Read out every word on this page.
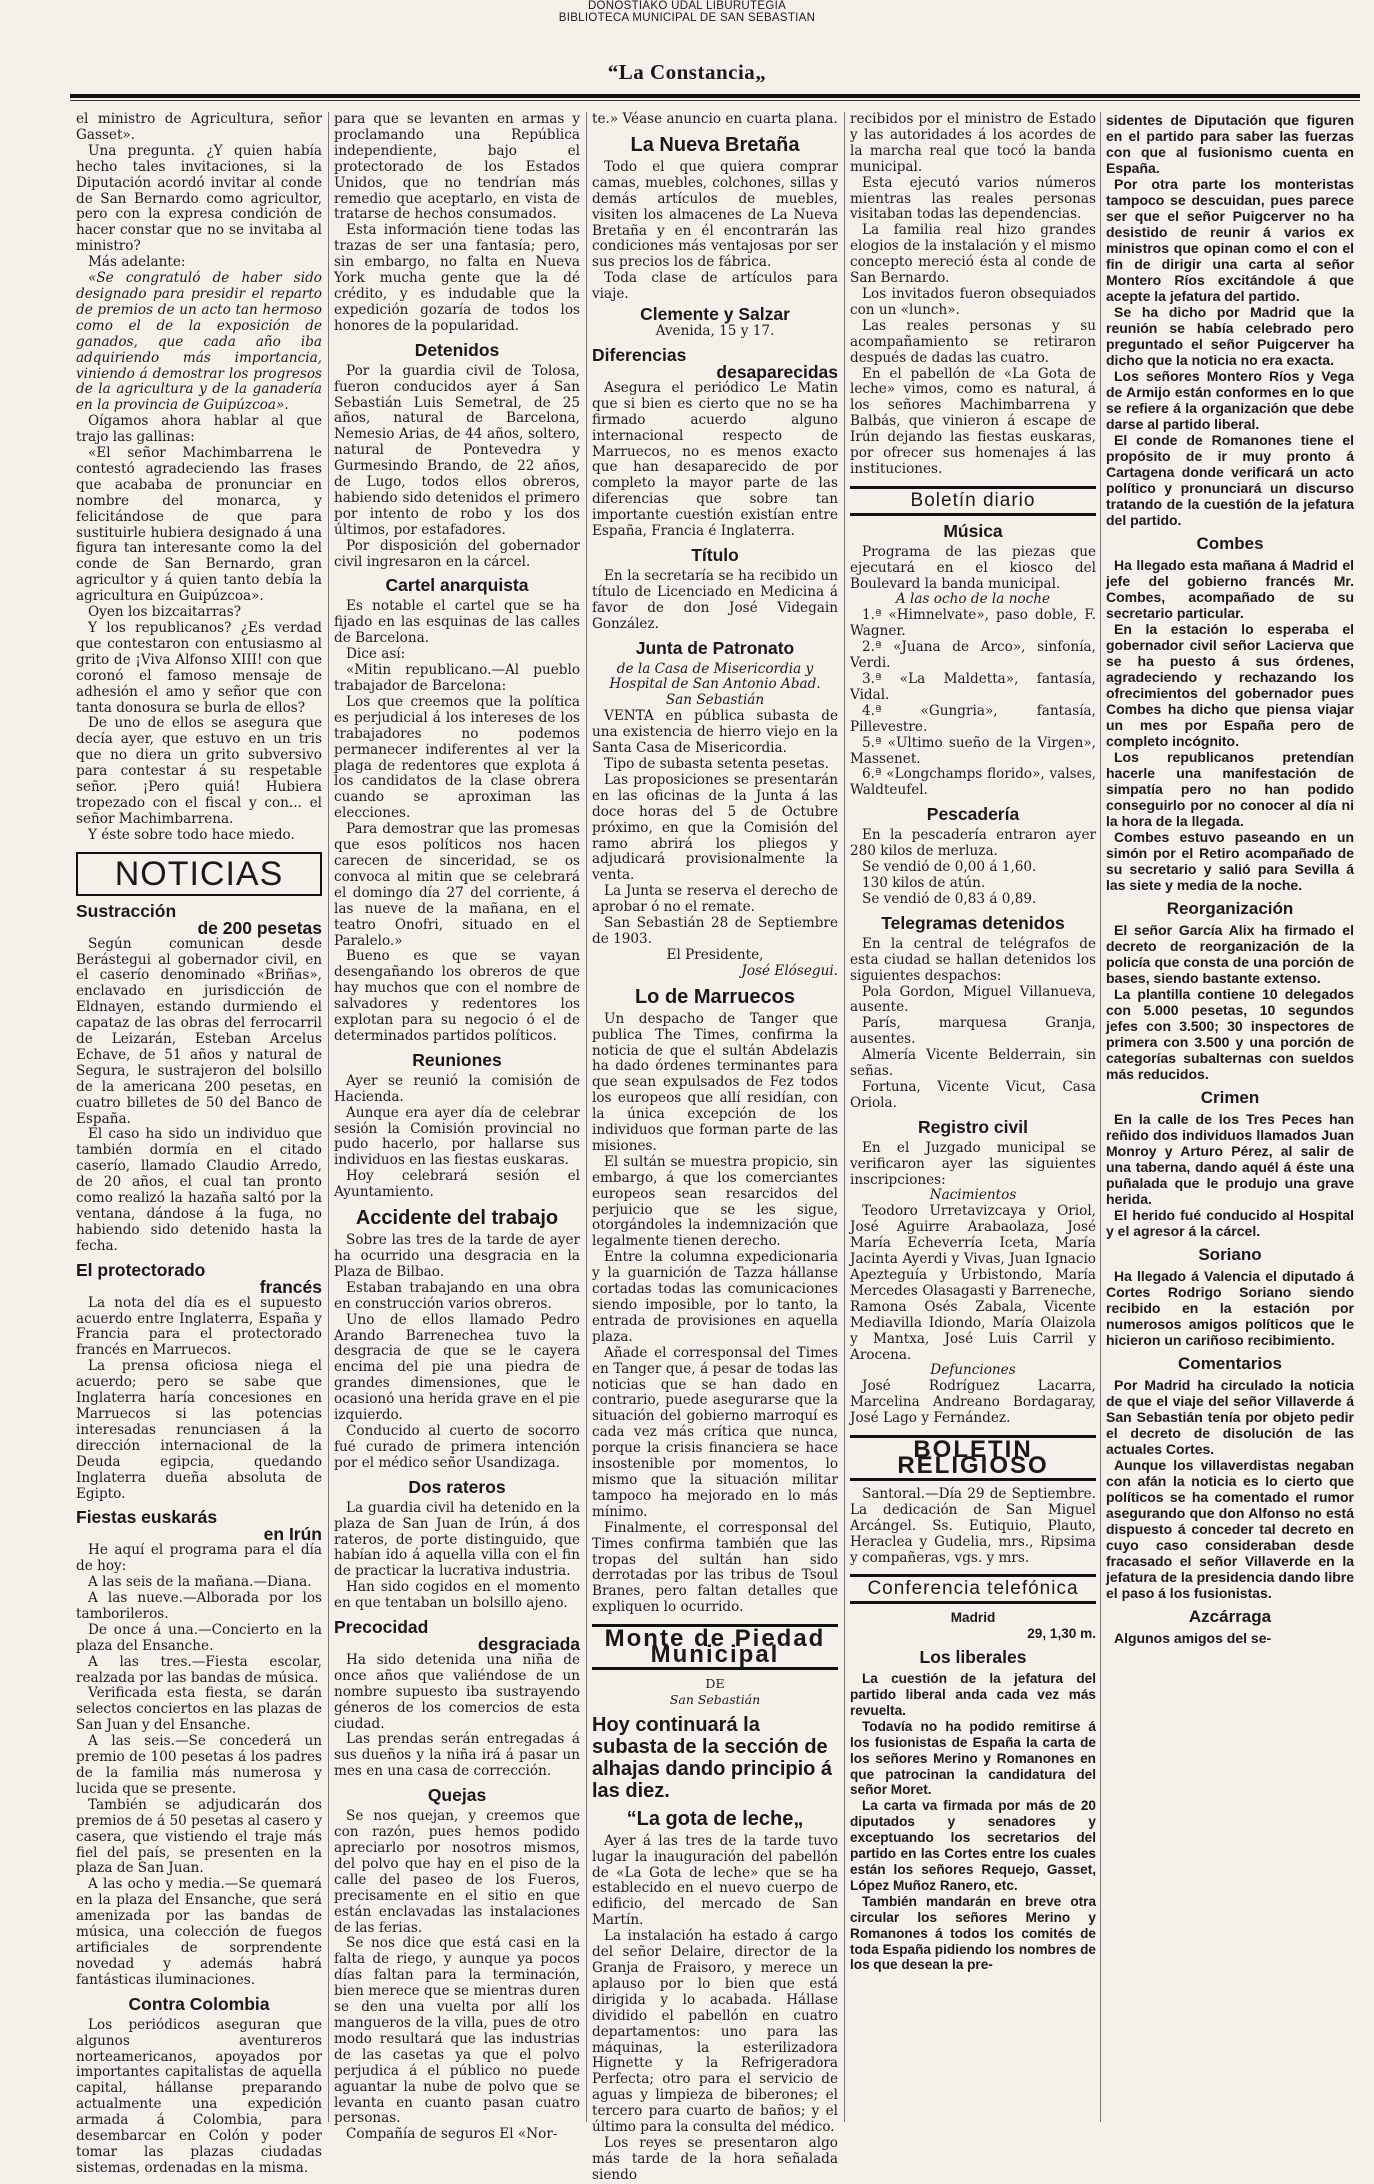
DONOSTIAKO UDAL LIBURUTEGIA
BIBLIOTECA MUNICIPAL DE SAN SEBASTIAN
“La Constancia„

el ministro de Agricultura, señor Gasset».

Una pregunta. ¿Y quien había hecho tales invitaciones, si la Diputación acordó invitar al conde de San Bernardo como agricultor, pero con la expresa condición de hacer constar que no se invitaba al ministro?

Más adelante:

«Se congratuló de haber sido designado para presidir el reparto de premios de un acto tan hermoso como el de la exposición de ganados, que cada año iba adquiriendo más importancia, viniendo á demostrar los progresos de la agricultura y de la ganadería en la provincia de Guipúzcoa».

Oígamos ahora hablar al que trajo las gallinas:

«El señor Machimbarrena le contestó agradeciendo las frases que acababa de pronunciar en nombre del monarca, y felicitándose de que para sustituirle hubiera designado á una figura tan interesante como la del conde de San Bernardo, gran agricultor y á quien tanto debía la agricultura en Guipúzcoa».

Oyen los bizcaitarras?

Y los republicanos? ¿Es verdad que contestaron con entusiasmo al grito de ¡Viva Alfonso XIII! con que coronó el famoso mensaje de adhesión el amo y señor que con tanta donosura se burla de ellos?

De uno de ellos se asegura que decía ayer, que estuvo en un tris que no diera un grito subversivo para contestar á su respetable señor. ¡Pero quiá! Hubiera tropezado con el fiscal y con... el señor Machimbarrena.

Y éste sobre todo hace miedo.

NOTICIAS
Sustracción
de 200 pesetas

Según comunican desde Berástegui al gobernador civil, en el caserío denominado «Briñas», enclavado en jurisdicción de Eldnayen, estando durmiendo el capataz de las obras del ferrocarril de Leizarán, Esteban Arcelus Echave, de 51 años y natural de Segura, le sustrajeron del bolsillo de la americana 200 pesetas, en cuatro billetes de 50 del Banco de España.

El caso ha sido un individuo que también dormía en el citado caserío, llamado Claudio Arredo, de 20 años, el cual tan pronto como realizó la hazaña saltó por la ventana, dándose á la fuga, no habiendo sido detenido hasta la fecha.

El protectorado
francés

La nota del día es el supuesto acuerdo entre Inglaterra, España y Francia para el protectorado francés en Marruecos.

La prensa oficiosa niega el acuerdo; pero se sabe que Inglaterra haría concesiones en Marruecos si las potencias interesadas renunciasen á la dirección internacional de la Deuda egipcia, quedando Inglaterra dueña absoluta de Egipto.

Fiestas euskarás
en Irún

He aquí el programa para el día de hoy:

A las seis de la mañana.—Diana.

A las nueve.—Alborada por los tamborileros.

De once á una.—Concierto en la plaza del Ensanche.

A las tres.—Fiesta escolar, realzada por las bandas de música.

Verificada esta fiesta, se darán selectos conciertos en las plazas de San Juan y del Ensanche.

A las seis.—Se concederá un premio de 100 pesetas á los padres de la familia más numerosa y lucida que se presente.

También se adjudicarán dos premios de á 50 pesetas al casero y casera, que vistiendo el traje más fiel del país, se presenten en la plaza de San Juan.

A las ocho y media.—Se quemará en la plaza del Ensanche, que será amenizada por las bandas de música, una colección de fuegos artificiales de sorprendente novedad y además habrá fantásticas iluminaciones.

Contra Colombia

Los periódicos aseguran que algunos aventureros norteamericanos, apoyados por importantes capitalistas de aquella capital, hállanse preparando actualmente una expedición armada á Colombia, para desembarcar en Colón y poder tomar las plazas ciudadas sistemas, ordenadas en la misma.

para que se levanten en armas y proclamando una República independiente, bajo el protectorado de los Estados Unidos, que no tendrían más remedio que aceptarlo, en vista de tratarse de hechos consumados.

Esta información tiene todas las trazas de ser una fantasía; pero, sin embargo, no falta en Nueva York mucha gente que la dé crédito, y es indudable que la expedición gozaría de todos los honores de la popularidad.

Detenidos

Por la guardia civil de Tolosa, fueron conducidos ayer á San Sebastián Luis Semetral, de 25 años, natural de Barcelona, Nemesio Arias, de 44 años, soltero, natural de Pontevedra y Gurmesindo Brando, de 22 años, de Lugo, todos ellos obreros, habiendo sido detenidos el primero por intento de robo y los dos últimos, por estafadores.

Por disposición del gobernador civil ingresaron en la cárcel.

Cartel anarquista

Es notable el cartel que se ha fijado en las esquinas de las calles de Barcelona.

Dice así:

«Mitin republicano.—Al pueblo trabajador de Barcelona:

Los que creemos que la política es perjudicial á los intereses de los trabajadores no podemos permanecer indiferentes al ver la plaga de redentores que explota á los candidatos de la clase obrera cuando se aproximan las elecciones.

Para demostrar que las promesas que esos políticos nos hacen carecen de sinceridad, se os convoca al mitin que se celebrará el domingo día 27 del corriente, á las nueve de la mañana, en el teatro Onofri, situado en el Paralelo.»

Bueno es que se vayan desengañando los obreros de que hay muchos que con el nombre de salvadores y redentores los explotan para su negocio ó el de determinados partidos políticos.

Reuniones

Ayer se reunió la comisión de Hacienda.

Aunque era ayer día de celebrar sesión la Comisión provincial no pudo hacerlo, por hallarse sus individuos en las fiestas euskaras.

Hoy celebrará sesión el Ayuntamiento.

Accidente del trabajo

Sobre las tres de la tarde de ayer ha ocurrido una desgracia en la Plaza de Bilbao.

Estaban trabajando en una obra en construcción varios obreros.

Uno de ellos llamado Pedro Arando Barrenechea tuvo la desgracia de que se le cayera encima del pie una piedra de grandes dimensiones, que le ocasionó una herida grave en el pie izquierdo.

Conducido al cuerto de socorro fué curado de primera intención por el médico señor Usandizaga.

Dos rateros

La guardia civil ha detenido en la plaza de San Juan de Irún, á dos rateros, de porte distinguido, que habían ido á aquella villa con el fin de practicar la lucrativa industria.

Han sido cogidos en el momento en que tentaban un bolsillo ajeno.

Precocidad
desgraciada

Ha sido detenida una niña de once años que valiéndose de un nombre supuesto iba sustrayendo géneros de los comercios de esta ciudad.

Las prendas serán entregadas á sus dueños y la niña irá á pasar un mes en una casa de corrección.

Quejas

Se nos quejan, y creemos que con razón, pues hemos podido apreciarlo por nosotros mismos, del polvo que hay en el piso de la calle del paseo de los Fueros, precisamente en el sitio en que están enclavadas las instalaciones de las ferias.

Se nos dice que está casi en la falta de riego, y aunque ya pocos días faltan para la terminación, bien merece que se mientras duren se den una vuelta por allí los mangueros de la villa, pues de otro modo resultará que las industrias de las casetas ya que el polvo perjudica á el público no puede aguantar la nube de polvo que se levanta en cuanto pasan cuatro personas.

Compañía de seguros El «Nor-

te.» Véase anuncio en cuarta plana.

La Nueva Bretaña

Todo el que quiera comprar camas, muebles, colchones, sillas y demás artículos de muebles, visiten los almacenes de La Nueva Bretaña y en él encontrarán las condiciones más ventajosas por ser sus precios los de fábrica.

Toda clase de artículos para viaje.

Clemente y Salzar

Avenida, 15 y 17.

Diferencias
desaparecidas

Asegura el periódico Le Matin que si bien es cierto que no se ha firmado acuerdo alguno internacional respecto de Marruecos, no es menos exacto que han desaparecido de por completo la mayor parte de las diferencias que sobre tan importante cuestión existían entre España, Francia é Inglaterra.

Título

En la secretaría se ha recibido un título de Licenciado en Medicina á favor de don José Videgain González.

Junta de Patronato

de la Casa de Misericordia y Hospital de San Antonio Abad.

San Sebastián

VENTA en pública subasta de una existencia de hierro viejo en la Santa Casa de Misericordia.

Tipo de subasta setenta pesetas.

Las proposiciones se presentarán en las oficinas de la Junta á las doce horas del 5 de Octubre próximo, en que la Comisión del ramo abrirá los pliegos y adjudicará provisionalmente la venta.

La Junta se reserva el derecho de aprobar ó no el remate.

San Sebastián 28 de Septiembre de 1903.

El Presidente,

José Elósegui.

Lo de Marruecos

Un despacho de Tanger que publica The Times, confirma la noticia de que el sultán Abdelazis ha dado órdenes terminantes para que sean expulsados de Fez todos los europeos que allí residían, con la única excepción de los individuos que forman parte de las misiones.

El sultán se muestra propicio, sin embargo, á que los comerciantes europeos sean resarcidos del perjuicio que se les sigue, otorgándoles la indemnización que legalmente tienen derecho.

Entre la columna expedicionaria y la guarnición de Tazza hállanse cortadas todas las comunicaciones siendo imposible, por lo tanto, la entrada de provisiones en aquella plaza.

Añade el corresponsal del Times en Tanger que, á pesar de todas las noticias que se han dado en contrario, puede asegurarse que la situación del gobierno marroquí es cada vez más crítica que nunca, porque la crisis financiera se hace insostenible por momentos, lo mismo que la situación militar tampoco ha mejorado en lo más mínimo.

Finalmente, el corresponsal del Times confirma también que las tropas del sultán han sido derrotadas por las tribus de Tsoul Branes, pero faltan detalles que expliquen lo ocurrido.

Monte de Piedad Municipal

DE

San Sebastián

Hoy continuará la subasta de la sección de alhajas dando principio á las diez.
“La gota de leche„

Ayer á las tres de la tarde tuvo lugar la inauguración del pabellón de «La Gota de leche» que se ha establecido en el nuevo cuerpo de edificio, del mercado de San Martín.

La instalación ha estado á cargo del señor Delaire, director de la Granja de Fraisoro, y merece un aplauso por lo bien que está dirigida y lo acabada. Hállase dividido el pabellón en cuatro departamentos: uno para las máquinas, la esterilizadora Hignette y la Refrigeradora Perfecta; otro para el servicio de aguas y limpieza de biberones; el tercero para cuarto de baños; y el último para la consulta del médico.

Los reyes se presentaron algo más tarde de la hora señalada siendo

recibidos por el ministro de Estado y las autoridades á los acordes de la marcha real que tocó la banda municipal.

Esta ejecutó varios números mientras las reales personas visitaban todas las dependencias.

La familia real hizo grandes elogios de la instalación y el mismo concepto mereció ésta al conde de San Bernardo.

Los invitados fueron obsequiados con un «lunch».

Las reales personas y su acompañamiento se retiraron después de dadas las cuatro.

En el pabellón de «La Gota de leche» vimos, como es natural, á los señores Machimbarrena y Balbás, que vinieron á escape de Irún dejando las fiestas euskaras, por ofrecer sus homenajes á las instituciones.

Boletín diario
Música

Programa de las piezas que ejecutará en el kiosco del Boulevard la banda municipal.

A las ocho de la noche

1.ª «Himnelvate», paso doble, F. Wagner.

2.ª «Juana de Arco», sinfonía, Verdi.

3.ª «La Maldetta», fantasía, Vidal.

4.ª «Gungria», fantasía, Pillevestre.

5.ª «Ultimo sueño de la Virgen», Massenet.

6.ª «Longchamps florido», valses, Waldteufel.

Pescadería

En la pescadería entraron ayer 280 kilos de merluza.

Se vendió de 0,00 á 1,60.

130 kilos de atún.

Se vendió de 0,83 á 0,89.

Telegramas detenidos

En la central de telégrafos de esta ciudad se hallan detenidos los siguientes despachos:

Pola Gordon, Miguel Villanueva, ausente.

París, marquesa Granja, ausentes.

Almería Vicente Belderrain, sin señas.

Fortuna, Vicente Vicut, Casa Oriola.

Registro civil

En el Juzgado municipal se verificaron ayer las siguientes inscripciones:

Nacimientos

Teodoro Urretavizcaya y Oriol, José Aguirre Arabaolaza, José María Echeverría Iceta, María Jacinta Ayerdi y Vivas, Juan Ignacio Apezteguía y Urbistondo, María Mercedes Olasagasti y Barreneche, Ramona Osés Zabala, Vicente Mediavilla Idiondo, María Olaizola y Mantxa, José Luis Carril y Arocena.

Defunciones

José Rodríguez Lacarra, Marcelina Andreano Bordagaray, José Lago y Fernández.

BOLETIN RELIGIOSO

Santoral.—Día 29 de Septiembre. La dedicación de San Miguel Arcángel. Ss. Eutiquio, Plauto, Heraclea y Gudelia, mrs., Ripsima y compañeras, vgs. y mrs.

Conferencia telefónica

Madrid

29, 1,30 m.

Los liberales

La cuestión de la jefatura del partido liberal anda cada vez más revuelta.

Todavía no ha podido remitirse á los fusionistas de España la carta de los señores Merino y Romanones en que patrocinan la candidatura del señor Moret.

La carta va firmada por más de 20 diputados y senadores y exceptuando los secretarios del partido en las Cortes entre los cuales están los señores Requejo, Gasset, López Muñoz Ranero, etc.

También mandarán en breve otra circular los señores Merino y Romanones á todos los comités de toda España pidiendo los nombres de los que desean la pre-

sidentes de Diputación que figuren en el partido para saber las fuerzas con que al fusionismo cuenta en España.

Por otra parte los monteristas tampoco se descuidan, pues parece ser que el señor Puigcerver no ha desistido de reunir á varios ex ministros que opinan como el con el fin de dirigir una carta al señor Montero Ríos excitándole á que acepte la jefatura del partido.

Se ha dicho por Madrid que la reunión se había celebrado pero preguntado el señor Puigcerver ha dicho que la noticia no era exacta.

Los señores Montero Ríos y Vega de Armijo están conformes en lo que se refiere á la organización que debe darse al partido liberal.

El conde de Romanones tiene el propósito de ir muy pronto á Cartagena donde verificará un acto político y pronunciará un discurso tratando de la cuestión de la jefatura del partido.

Combes

Ha llegado esta mañana á Madrid el jefe del gobierno francés Mr. Combes, acompañado de su secretario particular.

En la estación lo esperaba el gobernador civil señor Lacierva que se ha puesto á sus órdenes, agradeciendo y rechazando los ofrecimientos del gobernador pues Combes ha dicho que piensa viajar un mes por España pero de completo incógnito.

Los republicanos pretendían hacerle una manifestación de simpatía pero no han podido conseguirlo por no conocer al día ni la hora de la llegada.

Combes estuvo paseando en un simón por el Retiro acompañado de su secretario y salió para Sevilla á las siete y media de la noche.

Reorganización

El señor García Alix ha firmado el decreto de reorganización de la policía que consta de una porción de bases, siendo bastante extenso.

La plantilla contiene 10 delegados con 5.000 pesetas, 10 segundos jefes con 3.500; 30 inspectores de primera con 3.500 y una porción de categorías subalternas con sueldos más reducidos.

Crimen

En la calle de los Tres Peces han reñido dos individuos llamados Juan Monroy y Arturo Pérez, al salir de una taberna, dando aquél á éste una puñalada que le produjo una grave herida.

El herido fué conducido al Hospital y el agresor á la cárcel.

Soriano

Ha llegado á Valencia el diputado á Cortes Rodrigo Soriano siendo recibido en la estación por numerosos amigos políticos que le hicieron un cariñoso recibimiento.

Comentarios

Por Madrid ha circulado la noticia de que el viaje del señor Villaverde á San Sebastián tenía por objeto pedir el decreto de disolución de las actuales Cortes.

Aunque los villaverdistas negaban con afán la noticia es lo cierto que políticos se ha comentado el rumor asegurando que don Alfonso no está dispuesto á conceder tal decreto en cuyo caso consideraban desde fracasado el señor Villaverde en la jefatura de la presidencia dando libre el paso á los fusionistas.

Azcárraga

Algunos amigos del se-
